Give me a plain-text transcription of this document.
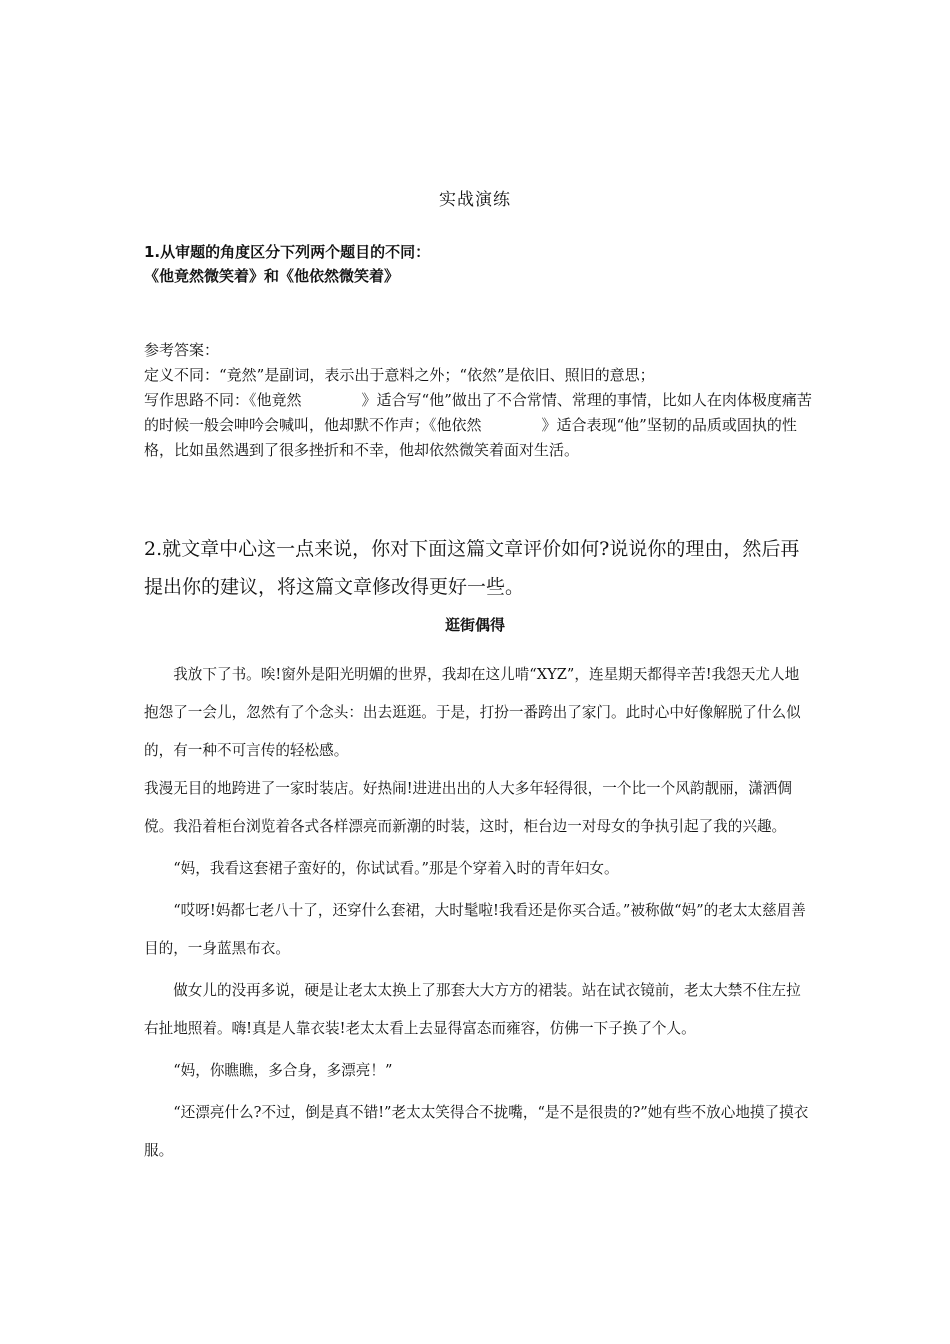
实战演练
1.从审题的角度区分下列两个题目的不同：
《他竟然微笑着》和《他依然微笑着》

参考答案：

定义不同：“竟然”是副词，表示出于意料之外；“依然”是依旧、照旧的意思；

写作思路不同：《他竟然　　　　》适合写“他”做出了不合常情、常理的事情，比如人在肉体极度痛苦的时候一般会呻吟会喊叫，他却默不作声；《他依然　　　　》适合表现“他”坚韧的品质或固执的性格，比如虽然遇到了很多挫折和不幸，他却依然微笑着面对生活。

2.就文章中心这一点来说，你对下面这篇文章评价如何?说说你的理由，然后再提出你的建议，将这篇文章修改得更好一些。

逛街偶得

我放下了书。唉!窗外是阳光明媚的世界，我却在这儿啃“XYZ”，连星期天都得辛苦!我怨天尤人地抱怨了一会儿，忽然有了个念头：出去逛逛。于是，打扮一番跨出了家门。此时心中好像解脱了什么似的，有一种不可言传的轻松感。

我漫无目的地跨进了一家时装店。好热闹!进进出出的人大多年轻得很，一个比一个风韵靓丽，潇洒倜傥。我沿着柜台浏览着各式各样漂亮而新潮的时装，这时，柜台边一对母女的争执引起了我的兴趣。

“妈，我看这套裙子蛮好的，你试试看。”那是个穿着入时的青年妇女。

“哎呀!妈都七老八十了，还穿什么套裙，大时髦啦!我看还是你买合适。”被称做“妈”的老太太慈眉善目的，一身蓝黑布衣。

做女儿的没再多说，硬是让老太太换上了那套大大方方的裙装。站在试衣镜前，老太大禁不住左拉右扯地照着。嗨!真是人靠衣装!老太太看上去显得富态而雍容，仿佛一下子换了个人。

“妈，你瞧瞧，多合身，多漂亮！”

“还漂亮什么?不过，倒是真不错!”老太太笑得合不拢嘴，“是不是很贵的?”她有些不放心地摸了摸衣服。
